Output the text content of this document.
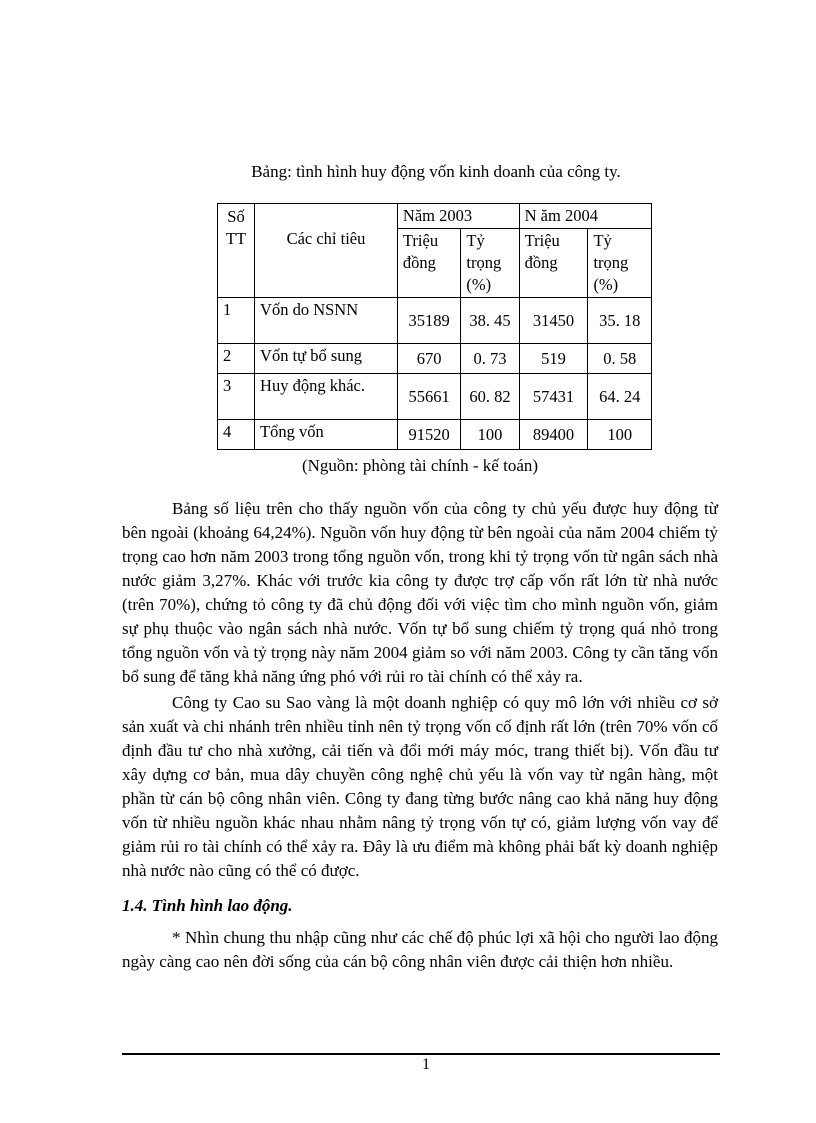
Bảng: tình hình huy động vốn kinh doanh của công ty.
Số TT	Các chỉ tiêu	Năm 2003		N ăm 2004	
		Triệu đồng	Tỷ trọng (%)	Triệu đồng	Tỷ trọng (%)
1	Vốn do NSNN	35189	38. 45	31450	35. 18
2	Vốn tự bổ sung	670	0. 73	519	0. 58
3	Huy động khác.	55661	60. 82	57431	64. 24
4	Tổng vốn	91520	100	89400	100
(Nguồn: phòng tài chính - kế toán)

Bảng số liệu trên cho thấy nguồn vốn của công ty chủ yếu được huy động từ bên ngoài (khoảng 64,24%). Nguồn vốn huy động từ bên ngoài của năm 2004 chiếm tỷ trọng cao hơn năm 2003 trong tổng nguồn vốn, trong khi tỷ trọng vốn từ ngân sách nhà nước giảm 3,27%. Khác với trước kia công ty được trợ cấp vốn rất lớn từ nhà nước (trên 70%), chứng tỏ công ty đã chủ động đối với việc tìm cho mình nguồn vốn, giảm sự phụ thuộc vào ngân sách nhà nước. Vốn tự bổ sung chiếm tỷ trọng quá nhỏ trong tổng nguồn vốn và tỷ trọng này năm 2004 giảm so với năm 2003. Công ty cần tăng vốn bổ sung để tăng khả năng ứng phó với rủi ro tài chính có thể xảy ra.

Công ty Cao su Sao vàng là một doanh nghiệp có quy mô lớn với nhiều cơ sở sản xuất và chi nhánh trên nhiều tỉnh nên tỷ trọng vốn cố định rất lớn (trên 70% vốn cố định đầu tư cho nhà xưởng, cải tiến và đổi mới máy móc, trang thiết bị). Vốn đầu tư xây dựng cơ bản, mua dây chuyền công nghệ chủ yếu là vốn vay từ ngân hàng, một phần từ cán bộ công nhân viên. Công ty đang từng bước nâng cao khả năng huy động vốn từ nhiều nguồn khác nhau nhằm nâng tỷ trọng vốn tự có, giảm lượng vốn vay để giảm rủi ro tài chính có thể xảy ra. Đây là ưu điểm mà không phải bất kỳ doanh nghiệp nhà nước nào cũng có thể có được.

1.4. Tình hình lao động.

* Nhìn chung thu nhập cũng như các chế độ phúc lợi xã hội cho người lao động ngày càng cao nên đời sống của cán bộ công nhân viên được cải thiện hơn nhiều.

1
